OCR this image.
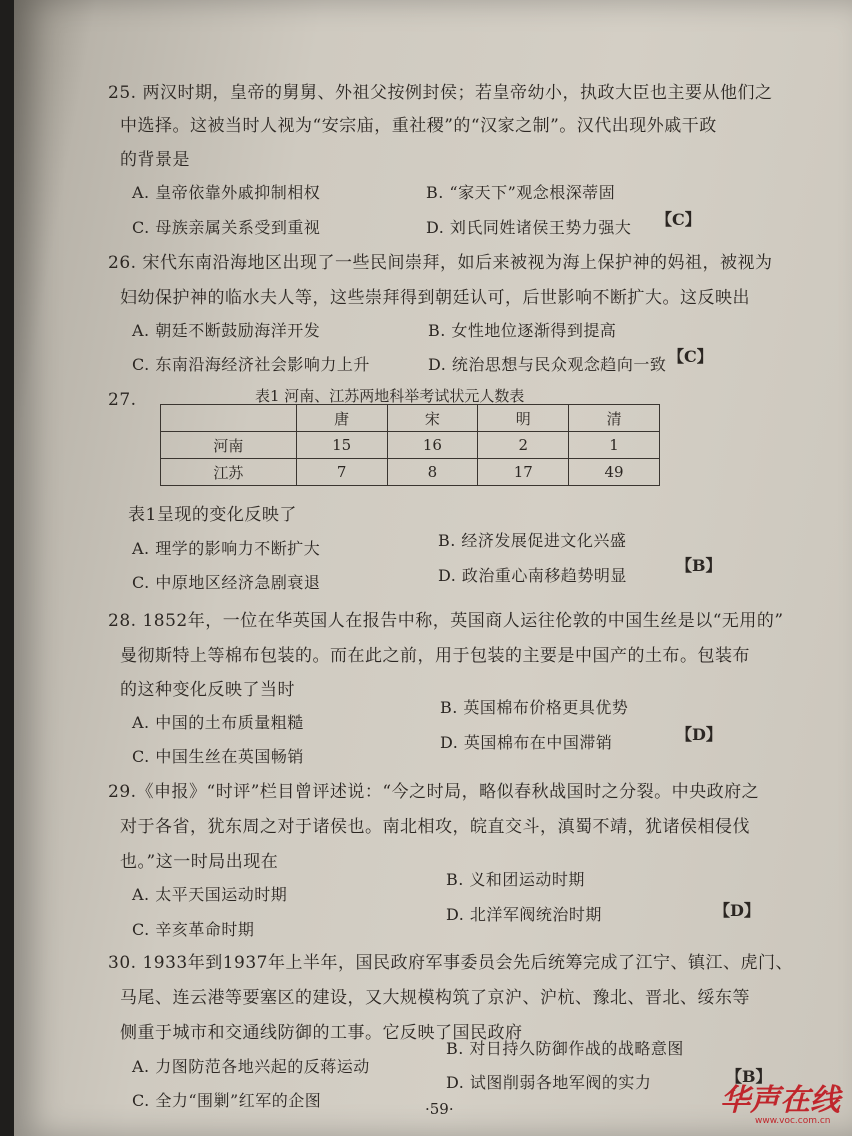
25. 两汉时期，皇帝的舅舅、外祖父按例封侯；若皇帝幼小，执政大臣也主要从他们之
中选择。这被当时人视为“安宗庙，重社稷”的“汉家之制”。汉代出现外戚干政
的背景是
A. 皇帝依靠外戚抑制相权	B. “家天下”观念根深蒂固
C. 母族亲属关系受到重视	D. 刘氏同姓诸侯王势力强大 【C】
26. 宋代东南沿海地区出现了一些民间崇拜，如后来被视为海上保护神的妈祖，被视为
妇幼保护神的临水夫人等，这些崇拜得到朝廷认可，后世影响不断扩大。这反映出
A. 朝廷不断鼓励海洋开发	B. 女性地位逐渐得到提高
C. 东南沿海经济社会影响力上升	D. 统治思想与民众观念趋向一致 【C】
27.	表1 河南、江苏两地科举考试状元人数表
	唐	宋	明	清
河南	15	16	2	1
江苏	7	8	17	49
表1呈现的变化反映了
A. 理学的影响力不断扩大	B. 经济发展促进文化兴盛
C. 中原地区经济急剧衰退	D. 政治重心南移趋势明显
【B】
28. 1852年，一位在华英国人在报告中称，英国商人运往伦敦的中国生丝是以“无用的”
曼彻斯特上等棉布包装的。而在此之前，用于包装的主要是中国产的土布。包装布
的这种变化反映了当时
A. 中国的土布质量粗糙
B. 英国棉布价格更具优势
C. 中国生丝在英国畅销
D. 英国棉布在中国滞销	【D】
29.《申报》“时评”栏目曾评述说：“今之时局，略似春秋战国时之分裂。中央政府之
对于各省，犹东周之对于诸侯也。南北相攻，皖直交斗，滇蜀不靖，犹诸侯相侵伐
也。”这一时局出现在
A. 太平天国运动时期
B. 义和团运动时期
C. 辛亥革命时期
D. 北洋军阀统治时期	【D】
30. 1933年到1937年上半年，国民政府军事委员会先后统筹完成了江宁、镇江、虎门、
马尾、连云港等要塞区的建设，又大规模构筑了京沪、沪杭、豫北、晋北、绥东等
侧重于城市和交通线防御的工事。它反映了国民政府
A. 力图防范各地兴起的反蒋运动
B. 对日持久防御作战的战略意图
C. 全力“围剿”红军的企图
D. 试图削弱各地军阀的实力	【B】
·59·	华声在线
www.voc.com.cn
